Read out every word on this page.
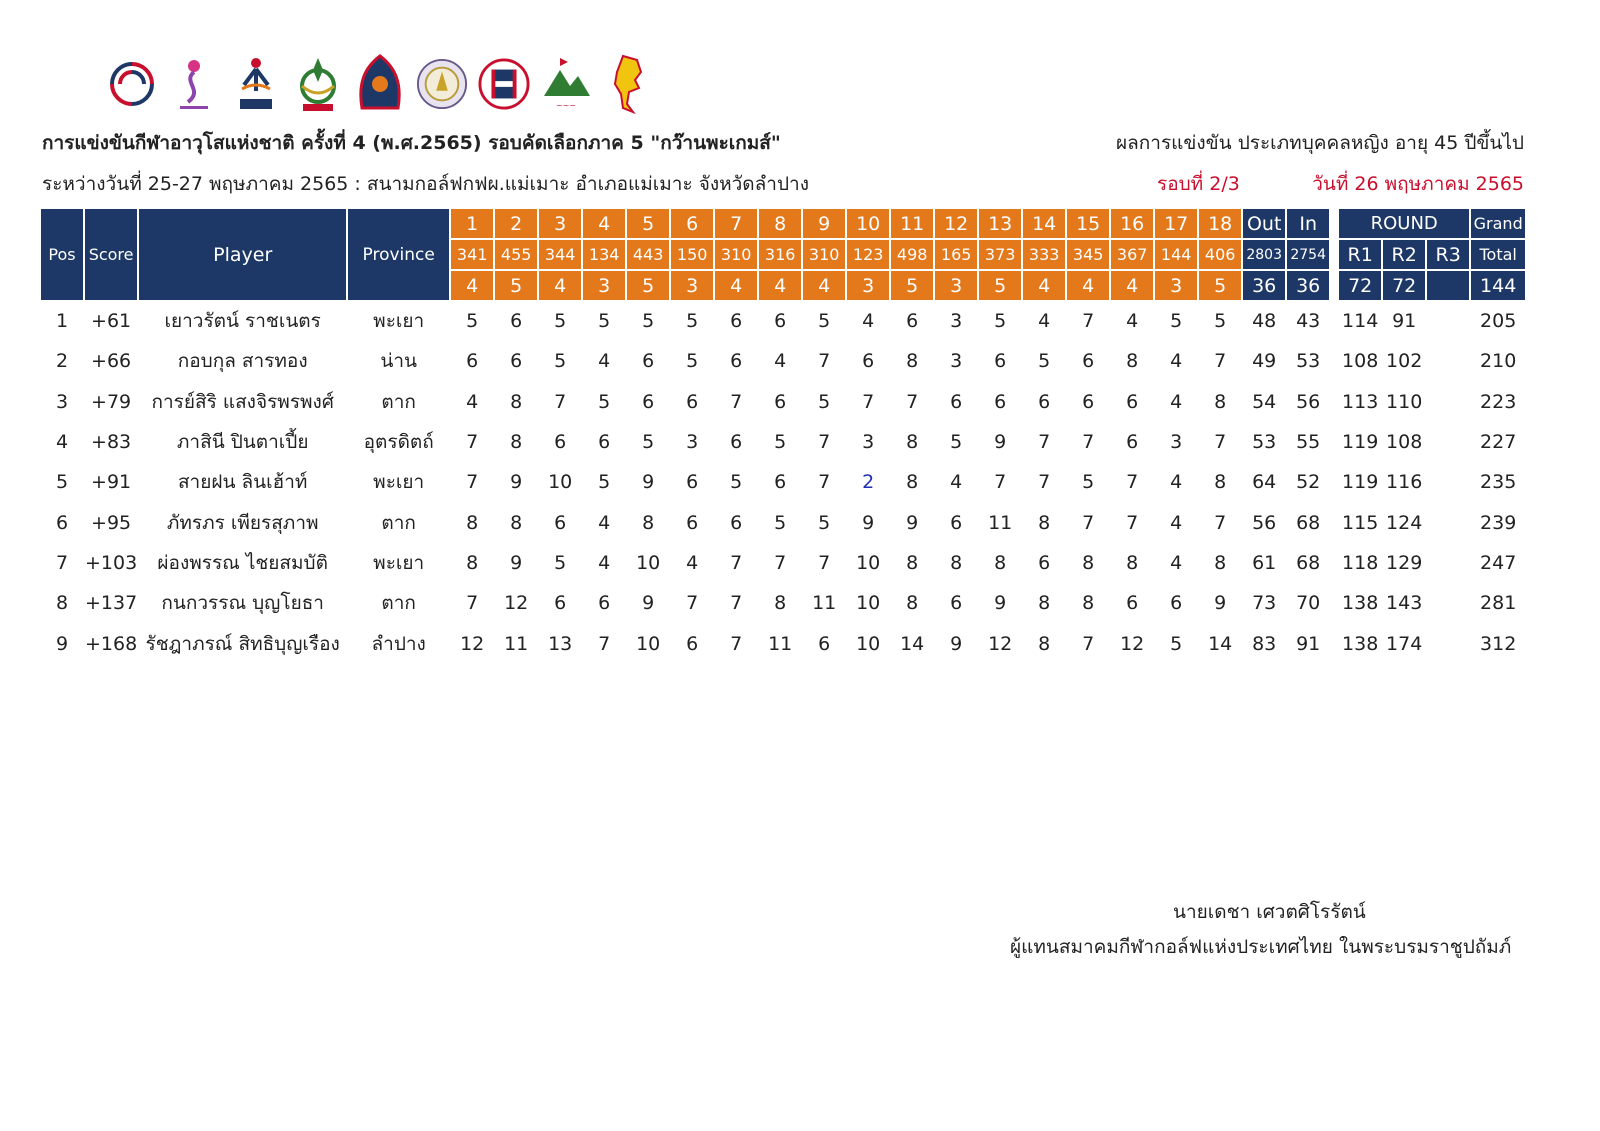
~~~
การแข่งขันกีฬาอาวุโสแห่งชาติ ครั้งที่ 4 (พ.ศ.2565) รอบคัดเลือกภาค 5 "กว๊านพะเกมส์"	ผลการแข่งขัน ประเภทบุคคลหญิง อายุ 45 ปีขึ้นไป
ระหว่างวันที่ 25-27 พฤษภาคม 2565 : สนามกอล์ฟกฟผ.แม่เมาะ อำเภอแม่เมาะ จังหวัดลำปาง	รอบที่ 2/3	วันที่ 26 พฤษภาคม 2565
Pos	Score	Player	Province	1	2	3	4	5	6	7	8	9	10	11	12	13	14	15	16	17	18	Out	In		ROUND			Grand
				341	455	344	134	443	150	310	316	310	123	498	165	373	333	345	367	144	406	2803	2754		R1	R2	R3	Total
				4	5	4	3	5	3	4	4	4	3	5	3	5	4	4	4	3	5	36	36		72	72		144
1	+61	เยาวรัตน์ ราชเนตร	พะเยา	5	6	5	5	5	5	6	6	5	4	6	3	5	4	7	4	5	5	48	43		114	91		205
2	+66	กอบกุล สารทอง	น่าน	6	6	5	4	6	5	6	4	7	6	8	3	6	5	6	8	4	7	49	53		108	102		210
3	+79	การย์สิริ แสงจิรพรพงศ์	ตาก	4	8	7	5	6	6	7	6	5	7	7	6	6	6	6	6	4	8	54	56		113	110		223
4	+83	ภาสินี ปินตาเปี้ย	อุตรดิตถ์	7	8	6	6	5	3	6	5	7	3	8	5	9	7	7	6	3	7	53	55		119	108		227
5	+91	สายฝน ลินเฮ้าท์	พะเยา	7	9	10	5	9	6	5	6	7	2	8	4	7	7	5	7	4	8	64	52		119	116		235
6	+95	ภัทรภร เพียรสุภาพ	ตาก	8	8	6	4	8	6	6	5	5	9	9	6	11	8	7	7	4	7	56	68		115	124		239
7	+103	ผ่องพรรณ ไชยสมบัติ	พะเยา	8	9	5	4	10	4	7	7	7	10	8	8	8	6	8	8	4	8	61	68		118	129		247
8	+137	กนกวรรณ บุญโยธา	ตาก	7	12	6	6	9	7	7	8	11	10	8	6	9	8	8	6	6	9	73	70		138	143		281
9	+168	รัชฎาภรณ์ สิทธิบุญเรือง	ลำปาง	12	11	13	7	10	6	7	11	6	10	14	9	12	8	7	12	5	14	83	91		138	174		312
นายเดชา เศวตศิโรรัตน์
ผู้แทนสมาคมกีฬากอล์ฟแห่งประเทศไทย ในพระบรมราชูปถัมภ์
